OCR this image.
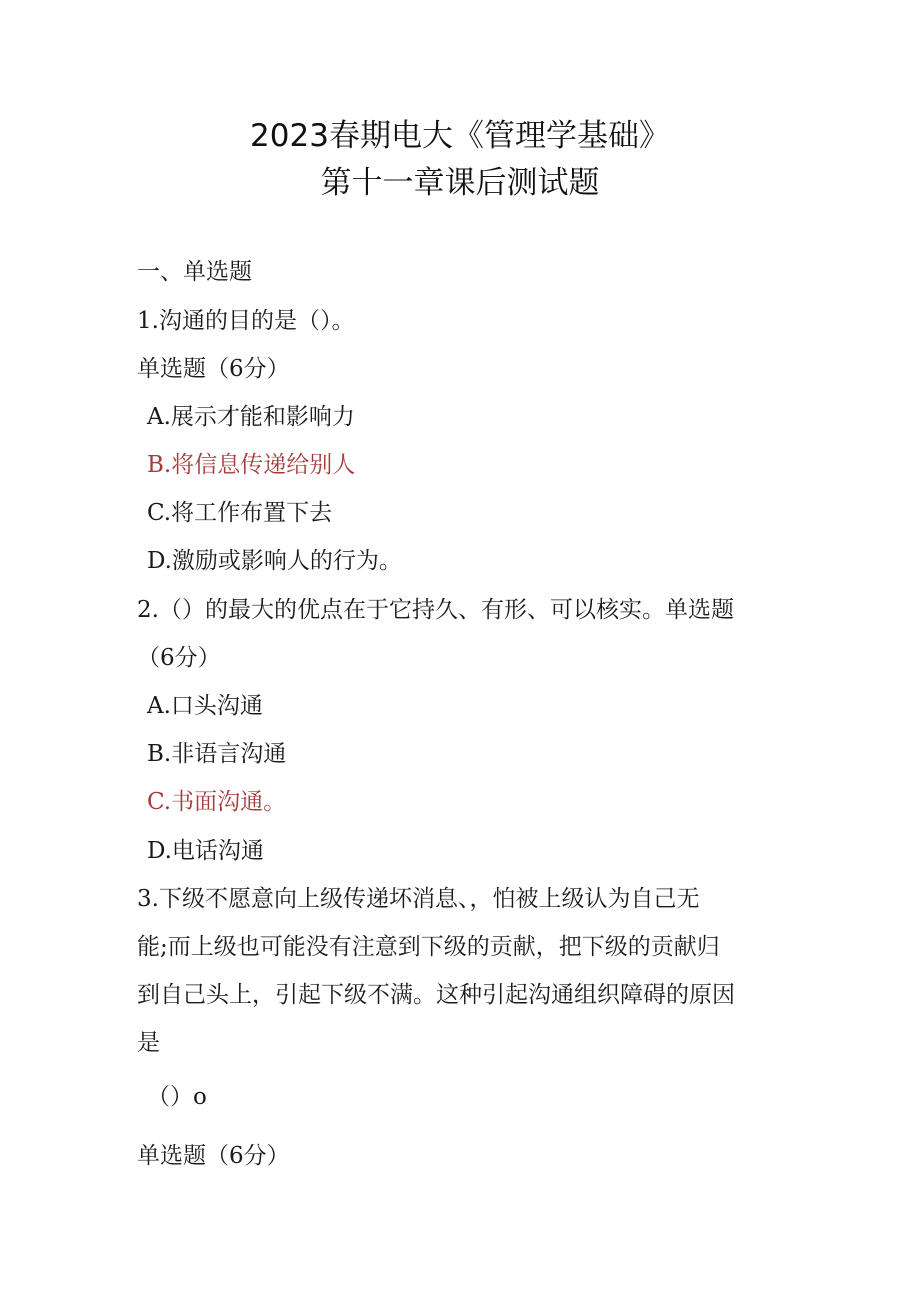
2023春期电大《管理学基础》
第十一章课后测试题

一、单选题

1.沟通的目的是（）。

单选题（6分）

A.展示才能和影响力

B.将信息传递给别人

C.将工作布置下去

D.激励或影响人的行为。

2.（）的最大的优点在于它持久、有形、可以核实。单选题

（6分）

A.口头沟通

B.非语言沟通

C.书面沟通。

D.电话沟通

3.下级不愿意向上级传递坏消息、，怕被上级认为自己无

能;而上级也可能没有注意到下级的贡献，把下级的贡献归

到自己头上，引起下级不满。这种引起沟通组织障碍的原因

是

（）o

单选题（6分）
